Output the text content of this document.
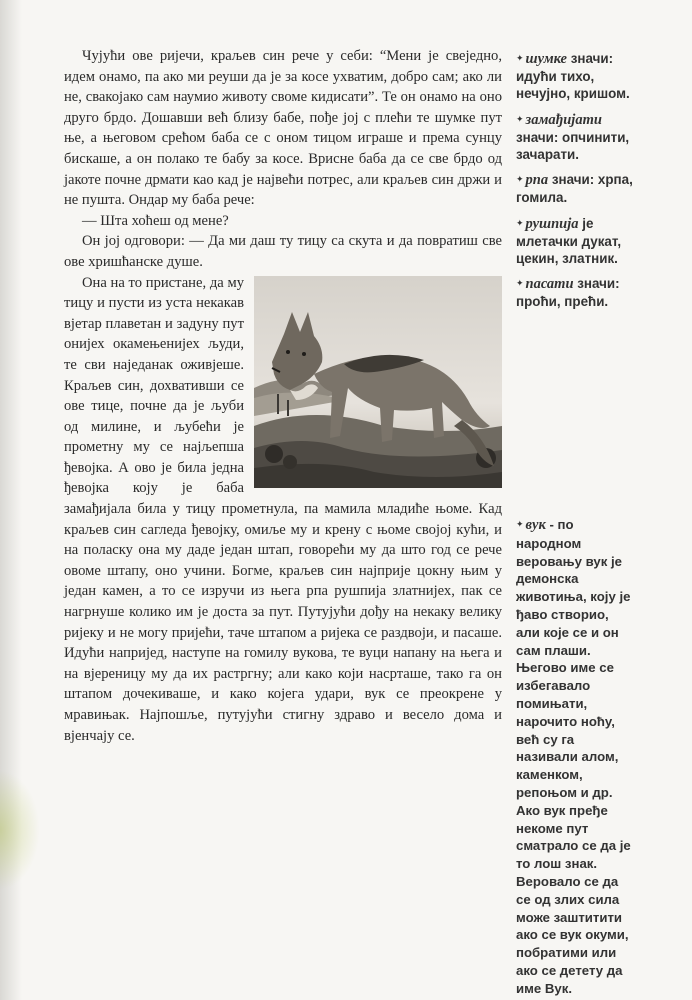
Чујући ове ријечи, краљев син рече у себи: “Мени је свеједно, идем онамо, па ако ми реуши да је за косе ухватим, добро сам; ако ли не, свакојако сам наумио животу своме кидисати”. Те он онамо на оно друго брдо. Дошавши већ близу бабе, пође јој с плећи те шумке пут ње, а његовом срећом баба се с оном тицом играше и према сунцу бискаше, а он полако те бабу за косе. Врисне баба да се све брдо од јакоте почне дрмати као кад је највећи потрес, али краљев син држи и не пушта. Ондар му баба рече:

— Шта хоћеш од мене?

Он јој одговори: — Да ми даш ту тицу са скута и да повратиш све ове хришћанске душе.

Она на то пристане, да му тицу и пусти из уста некакав вјетар плаветан и задуну пут онијех окамењенијех људи, те сви наједанак оживјеше. Краљев син, дохвативши се ове тице, почне да је љуби од милине, и љубећи је прометну му се најљепша ђевојка. А ово је била једна ђевојка коју је баба замађијала била у тицу прометнула, па мамила младиће њоме. Кад краљев син сагледа ђевојку, омиље му и крену с њоме својој кући, и на поласку она му даде један штап, говорећи му да што год се рече овоме штапу, оно учини. Богме, краљев син најприје цокну њим у један камен, а то се изручи из њега рпа рушпија златнијех, пак се нагрнуше колико им је доста за пут. Путујући дођу на некаку велику ријеку и не могу пријећи, таче штапом а ријека се раздвоји, и пасаше. Идући напријед, наступе на гомилу вукова, те вуци напану на њега и на вјереницу му да их растргну; али како који насрташе, тако га он штапом дочекиваше, и како којега удари, вук се преокрене у мравињак. Најпошље, путујући стигну здраво и весело дома и вјенчају се.
✦ шумке значи: идући тихо, нечујно, кришом.
✦ замађијати значи: опчинити, зачарати.
✦ рпа значи: хрпа, гомила.
✦ рушпија је млетачки дукат, цекин, златник.
✦ пасати значи: проћи, прећи.
✦ вук - по народном веровању вук је демонска животиња, коју је ђаво створио, али које се и он сам плаши. Његово име се избегавало помињати, нарочито ноћу, већ су га називали алом, каменком, репоњом и др. Ако вук пређе некоме пут сматрало се да је то лош знак. Веровало се да се од злих сила може заштитити ако се вук окуми, побратими или ако се детету да име Вук.
